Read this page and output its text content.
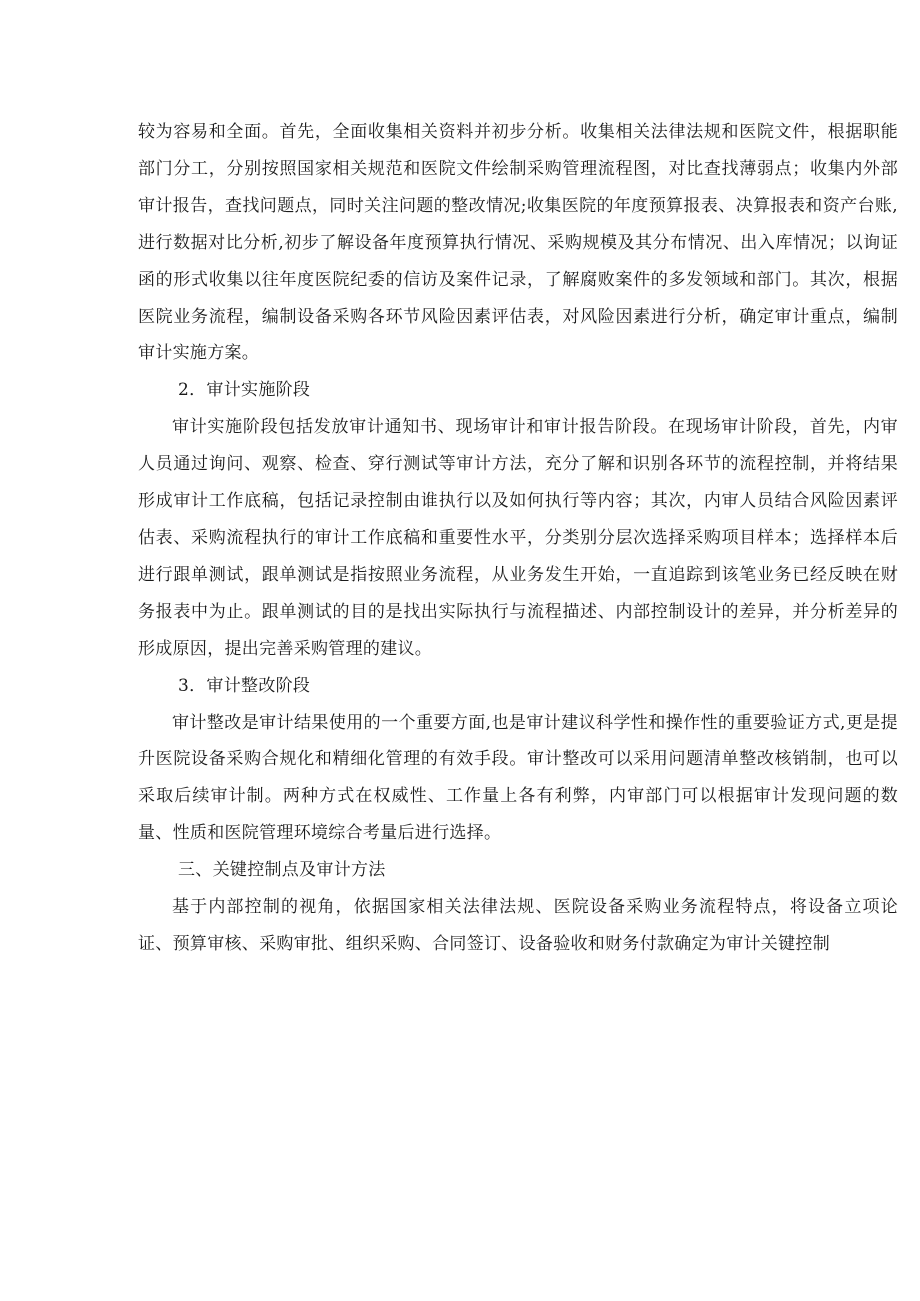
较为容易和全面。首先，全面收集相关资料并初步分析。收集相关法律法规和医院文件，根据职能部门分工，分别按照国家相关规范和医院文件绘制采购管理流程图，对比查找薄弱点；收集内外部审计报告，查找问题点，同时关注问题的整改情况;收集医院的年度预算报表、决算报表和资产台账,进行数据对比分析,初步了解设备年度预算执行情况、采购规模及其分布情况、出入库情况；以询证函的形式收集以往年度医院纪委的信访及案件记录，了解腐败案件的多发领域和部门。其次，根据医院业务流程，编制设备采购各环节风险因素评估表，对风险因素进行分析，确定审计重点，编制审计实施方案。

2．审计实施阶段

审计实施阶段包括发放审计通知书、现场审计和审计报告阶段。在现场审计阶段，首先，内审人员通过询问、观察、检查、穿行测试等审计方法，充分了解和识别各环节的流程控制，并将结果形成审计工作底稿，包括记录控制由谁执行以及如何执行等内容；其次，内审人员结合风险因素评估表、采购流程执行的审计工作底稿和重要性水平，分类别分层次选择采购项目样本；选择样本后进行跟单测试，跟单测试是指按照业务流程，从业务发生开始，一直追踪到该笔业务已经反映在财务报表中为止。跟单测试的目的是找出实际执行与流程描述、内部控制设计的差异，并分析差异的形成原因，提出完善采购管理的建议。

3．审计整改阶段

审计整改是审计结果使用的一个重要方面,也是审计建议科学性和操作性的重要验证方式,更是提升医院设备采购合规化和精细化管理的有效手段。审计整改可以采用问题清单整改核销制，也可以采取后续审计制。两种方式在权威性、工作量上各有利弊，内审部门可以根据审计发现问题的数量、性质和医院管理环境综合考量后进行选择。

三、关键控制点及审计方法

基于内部控制的视角，依据国家相关法律法规、医院设备采购业务流程特点，将设备立项论证、预算审核、采购审批、组织采购、合同签订、设备验收和财务付款确定为审计关键控制
